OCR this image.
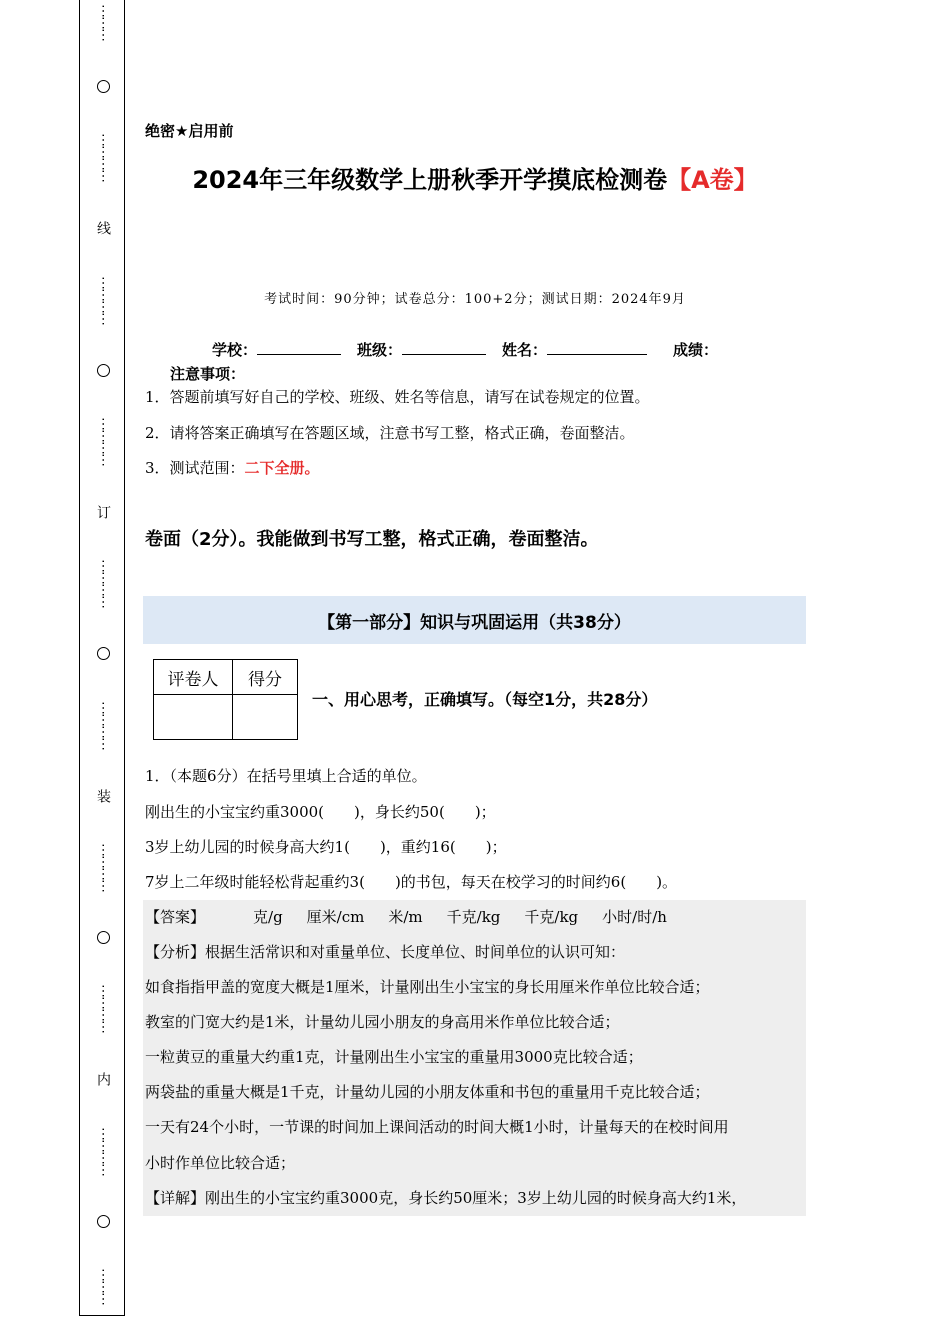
⋯⋯⋯
⋯⋯⋯⋯
线
⋯⋯⋯⋯
⋯⋯⋯⋯
订
⋯⋯⋯⋯
⋯⋯⋯⋯
装
⋯⋯⋯⋯
⋯⋯⋯⋯
内
⋯⋯⋯⋯
⋯⋯⋯
绝密★启用前
2024年三年级数学上册秋季开学摸底检测卷【A卷】
考试时间：90分钟；试卷总分：100+2分；测试日期：2024年9月
学校：	班级：	姓名：	成绩：
注意事项：
1．答题前填写好自己的学校、班级、姓名等信息，请写在试卷规定的位置。
2．请将答案正确填写在答题区域，注意书写工整，格式正确，卷面整洁。
3．测试范围：二下全册。
卷面（2分）。我能做到书写工整，格式正确，卷面整洁。
【第一部分】知识与巩固运用（共38分）
评卷人	得分

一、用心思考，正确填写。（每空1分，共28分）
1．（本题6分）在括号里填上合适的单位。
刚出生的小宝宝约重3000(　　)，身长约50(　　)；
3岁上幼儿园的时候身高大约1(　　)，重约16(　　)；
7岁上二年级时能轻松背起重约3(　　)的书包，每天在校学习的时间约6(　　)。
【答案】	克/g 厘米/cm 米/m 千克/kg 千克/kg 小时/时/h
【分析】根据生活常识和对重量单位、长度单位、时间单位的认识可知：
如食指指甲盖的宽度大概是1厘米，计量刚出生小宝宝的身长用厘米作单位比较合适；
教室的门宽大约是1米，计量幼儿园小朋友的身高用米作单位比较合适；
一粒黄豆的重量大约重1克，计量刚出生小宝宝的重量用3000克比较合适；
两袋盐的重量大概是1千克，计量幼儿园的小朋友体重和书包的重量用千克比较合适；
一天有24个小时，一节课的时间加上课间活动的时间大概1小时，计量每天的在校时间用
小时作单位比较合适；
【详解】刚出生的小宝宝约重3000克，身长约50厘米；3岁上幼儿园的时候身高大约1米，
